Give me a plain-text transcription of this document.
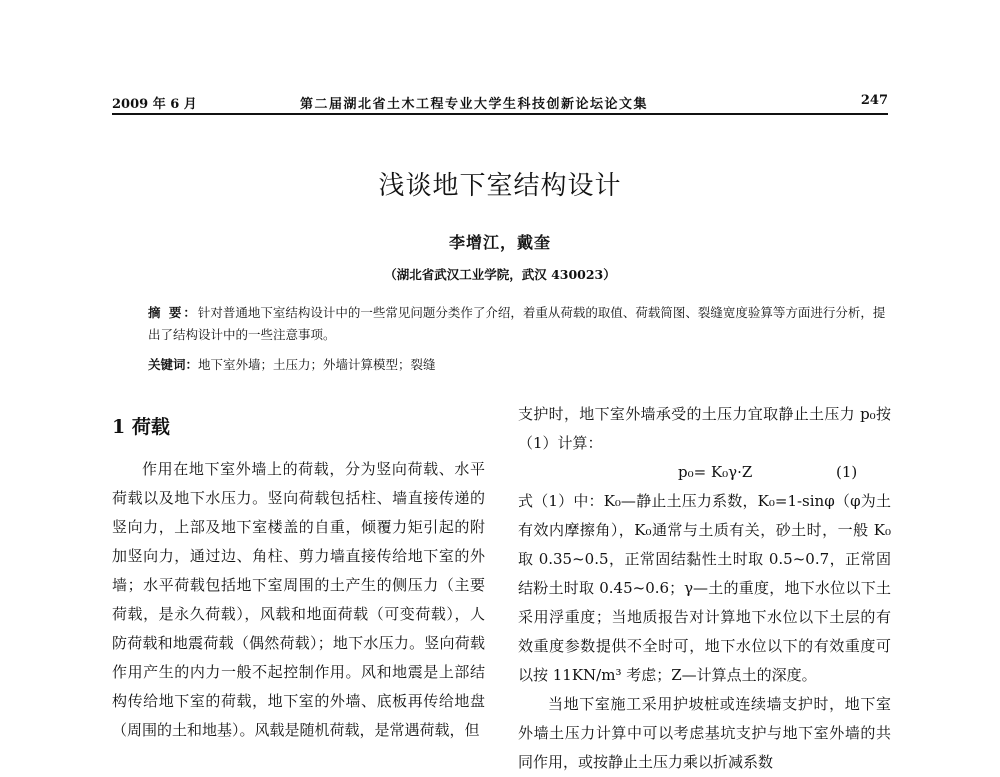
2009 年 6 月	第二届湖北省土木工程专业大学生科技创新论坛论文集	247
浅谈地下室结构设计
李增江，戴奎
（湖北省武汉工业学院，武汉 430023）
摘 要：针对普通地下室结构设计中的一些常见问题分类作了介绍，着重从荷载的取值、荷载简图、裂缝宽度验算等方面进行分析，提出了结构设计中的一些注意事项。
关键词：地下室外墙；土压力；外墙计算模型；裂缝
1 荷载

作用在地下室外墙上的荷载，分为竖向荷载、水平荷载以及地下水压力。竖向荷载包括柱、墙直接传递的竖向力，上部及地下室楼盖的自重，倾覆力矩引起的附加竖向力，通过边、角柱、剪力墙直接传给地下室的外墙；水平荷载包括地下室周围的土产生的侧压力（主要荷载，是永久荷载），风载和地面荷载（可变荷载），人防荷载和地震荷载（偶然荷载）；地下水压力。竖向荷载作用产生的内力一般不起控制作用。风和地震是上部结构传给地下室的荷载，地下室的外墙、底板再传给地盘（周围的土和地基）。风载是随机荷载，是常遇荷载，但

支护时，地下室外墙承受的土压力宜取静止土压力 p₀按（1）计算：

p₀= K₀γ·Z	(1)

式（1）中：K₀—静止土压力系数，K₀=1-sinφ（φ为土有效内摩擦角），K₀通常与土质有关，砂土时，一般 K₀取 0.35~0.5，正常固结黏性土时取 0.5~0.7，正常固结粉土时取 0.45~0.6；γ—土的重度，地下水位以下土采用浮重度；当地质报告对计算地下水位以下土层的有效重度参数提供不全时可，地下水位以下的有效重度可以按 11KN/m³ 考虑；Z—计算点土的深度。

当地下室施工采用护坡桩或连续墙支护时，地下室外墙土压力计算中可以考虑基坑支护与地下室外墙的共同作用，或按静止土压力乘以折减系数
